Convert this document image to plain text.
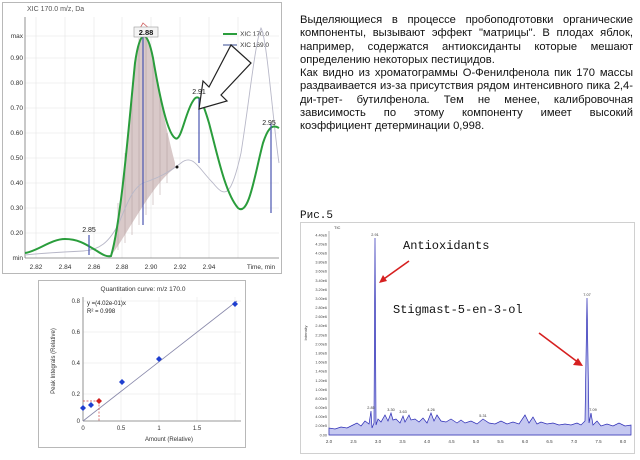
XIC 170.0 m/z, Da
XIC 170.0
XIC 169.0
2.88
2.85
2.91
2.95
max
0.90
0.80
0.70
0.60
0.50
0.40
0.30
0.20
min
2.82	2.84	2.86 2.88	2.90	2.92	2.94	Time, min
Quantitation curve: m/z 170.0
y =(4.02e-01)x
R² = 0.998
0
0.2
0.4
0.6
0.8
0	0.5	1	1.5
Amount (Relative)
Peak Integrals (Relative)

Выделяющиеся в процессе пробоподготовки органические компоненты, вызывают эффект "матрицы". В плодах яблок, например, содержатся антиоксиданты которые мешают определению некоторых пестицидов.

Как видно из хроматограммы О-Фенилфенола пик 170 массы раздваивается из-за присутствия рядом интенсивного пика 2,4-ди-трет- бутилфенола. Тем не менее, калибровочная зависимость по этому компоненту имеет высокий коэффициент детерминации 0,998.

Рис.5
TIC
4.40e6
4.20e6
4.00e6
3.80e6
3.60e6
3.40e6
3.20e6
3.00e6
2.80e6
2.60e6
2.40e6
2.20e6
2.00e6
1.80e6
1.60e6
1.40e6
1.20e6
1.00e6
8.00e5
6.00e5
4.00e5
2.00e5
0.00
2.0	2.5	3.0	3.5	4.0	4.5	5.0	5.5	6.0	6.5	7.0	7.5	8.0
Intensity
2.91
7.07
3.63
2.85	3.30	4.26	7.09
5.31
Antioxidants
Stigmast-5-en-3-ol
